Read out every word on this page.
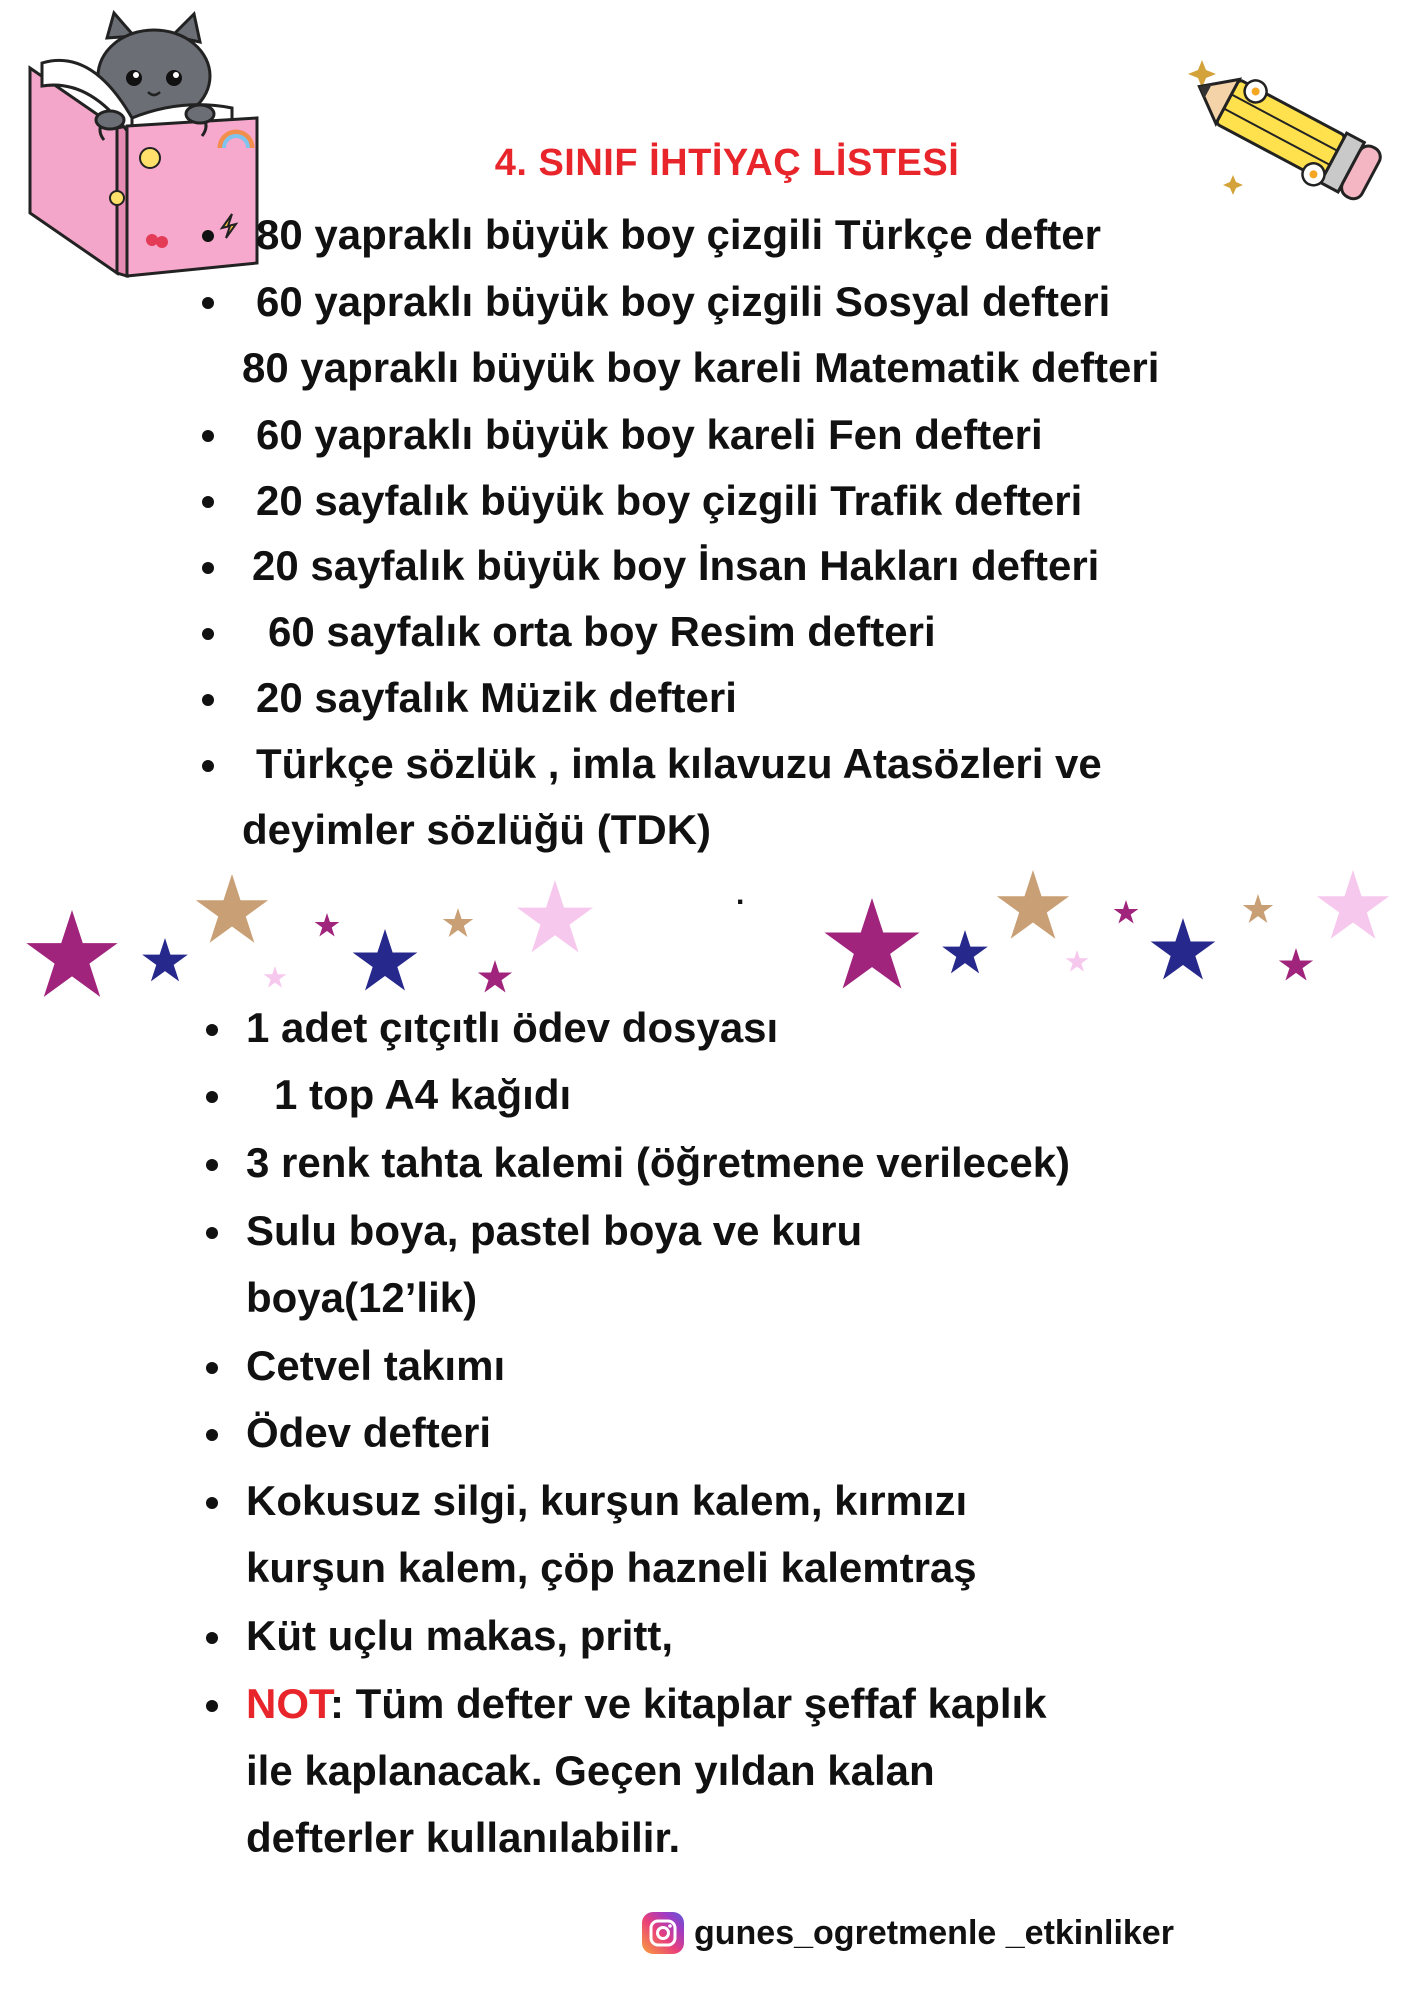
4. SINIF İHTİYAÇ LİSTESİ
80 yapraklı büyük boy çizgili Türkçe defter
60 yapraklı büyük boy çizgili Sosyal defteri
80 yapraklı büyük boy kareli Matematik defteri
60 yapraklı büyük boy kareli Fen defteri
20 sayfalık büyük boy çizgili Trafik defteri
20 sayfalık büyük boy İnsan Hakları defteri
60 sayfalık orta boy Resim defteri
20 sayfalık Müzik defteri
Türkçe sözlük , imla kılavuzu Atasözleri ve
deyimler sözlüğü (TDK)
.
1 adet çıtçıtlı ödev dosyası
1 top A4 kağıdı
3 renk tahta kalemi (öğretmene verilecek)
Sulu boya, pastel boya ve kuru
boya(12’lik)
Cetvel takımı
Ödev defteri
Kokusuz silgi, kurşun kalem, kırmızı
kurşun kalem, çöp hazneli kalemtraş
Küt uçlu makas, pritt,
NOT: Tüm defter ve kitaplar şeffaf kaplık
ile kaplanacak. Geçen yıldan kalan
defterler kullanılabilir.
gunes_ogretmenle _etkinliker
